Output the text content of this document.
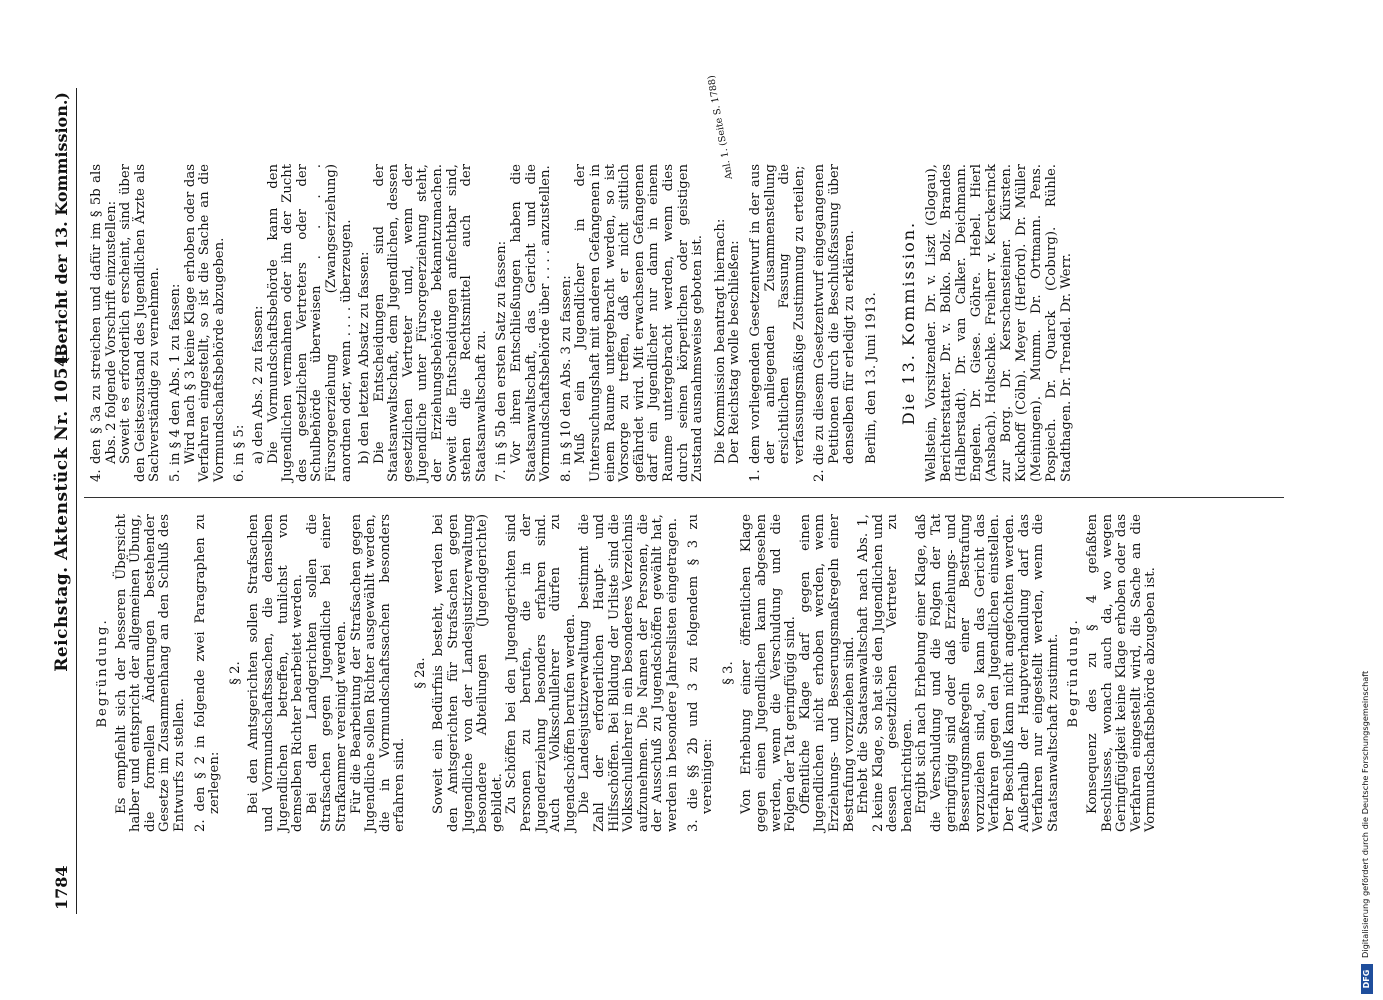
1784
Reichstag. Aktenstück Nr. 1054.
(Bericht der 13. Kommission.)

Begründung. Es empfiehlt sich der besseren Übersicht halber und entspricht der allgemeinen Übung, die formellen Änderungen bestehender Gesetze im Zusammenhang an den Schluß des Entwurfs zu stellen. 2. den § 2 in folgende zwei Paragraphen zu zerlegen:

§ 2. Bei den Amtsgerichten sollen Strafsachen und Vormundschaftssachen, die denselben Jugendlichen betreffen, tunlichst von demselben Richter bearbeitet werden. Bei den Landgerichten sollen die Strafsachen gegen Jugendliche bei einer Strafkammer vereinigt werden. Für die Bearbeitung der Strafsachen gegen Jugendliche sollen Richter ausgewählt werden, die in Vormundschaftssachen besonders erfahren sind.

§ 2a. Soweit ein Bedürfnis besteht, werden bei den Amtsgerichten für Strafsachen gegen Jugendliche von der Landesjustizverwaltung besondere Abteilungen (Jugendgerichte) gebildet. Zu Schöffen bei den Jugendgerichten sind Personen zu berufen, die in der Jugenderziehung besonders erfahren sind. Auch Volksschullehrer dürfen zu Jugendschöffen berufen werden. Die Landesjustizverwaltung bestimmt die Zahl der erforderlichen Haupt- und Hilfsschöffen. Bei Bildung der Urliste sind die Volksschullehrer in ein besonderes Verzeichnis aufzunehmen. Die Namen der Personen, die der Ausschuß zu Jugendschöffen gewählt hat, werden in besondere Jahreslisten eingetragen. 3. die §§ 2b und 3 zu folgendem § 3 zu vereinigen:

§ 3. Von Erhebung einer öffentlichen Klage gegen einen Jugendlichen kann abgesehen werden, wenn die Verschuldung und die Folgen der Tat geringfügig sind. Öffentliche Klage darf gegen einen Jugendlichen nicht erhoben werden, wenn Erziehungs- und Besserungsmaßregeln einer Bestrafung vorzuziehen sind. Erhebt die Staatsanwaltschaft nach Abs. 1, 2 keine Klage, so hat sie den Jugendlichen und dessen gesetzlichen Vertreter zu benachrichtigen. Ergibt sich nach Erhebung einer Klage, daß die Verschuldung und die Folgen der Tat geringfügig sind oder daß Erziehungs- und Besserungsmaßregeln einer Bestrafung vorzuziehen sind, so kann das Gericht das Verfahren gegen den Jugendlichen einstellen. Der Beschluß kann nicht angefochten werden. Außerhalb der Hauptverhandlung darf das Verfahren nur eingestellt werden, wenn die Staatsanwaltschaft zustimmt. Begründung. Konsequenz des zu § 4 gefaßten Beschlusses, wonach auch da, wo wegen Geringfügigkeit keine Klage erhoben oder das Verfahren eingestellt wird, die Sache an die Vormundschaftsbehörde abzugeben ist.

4. den § 3a zu streichen und dafür im § 5b als Abs. 2 folgende Vorschrift einzustellen: Soweit es erforderlich erscheint, sind über den Geisteszustand des Jugendlichen Ärzte als Sachverständige zu vernehmen. 5. in § 4 den Abs. 1 zu fassen: Wird nach § 3 keine Klage erhoben oder das Verfahren eingestellt, so ist die Sache an die Vormundschaftsbehörde abzugeben. 6. in § 5: a) den Abs. 2 zu fassen: Die Vormundschaftsbehörde kann den Jugendlichen vermahnen oder ihn der Zucht des gesetzlichen Vertreters oder der Schulbehörde überweisen . . . . Fürsorgeerziehung (Zwangserziehung) anordnen oder, wenn . . . . überzeugen. b) den letzten Absatz zu fassen: Die Entscheidungen sind der Staatsanwaltschaft, dem Jugendlichen, dessen gesetzlichen Vertreter und, wenn der Jugendliche unter Fürsorgeerziehung steht, der Erziehungsbehörde bekanntzumachen. Soweit die Entscheidungen anfechtbar sind, stehen die Rechtsmittel auch der Staatsanwaltschaft zu. 7. in § 5b den ersten Satz zu fassen: Vor ihren Entschließungen haben die Staatsanwaltschaft, das Gericht und die Vormundschaftsbehörde über . . . . anzustellen. 8. in § 10 den Abs. 3 zu fassen: Muß ein Jugendlicher in der Untersuchungshaft mit anderen Gefangenen in einem Raume untergebracht werden, so ist Vorsorge zu treffen, daß er nicht sittlich gefährdet wird. Mit erwachsenen Gefangenen darf ein Jugendlicher nur dann in einem Raume untergebracht werden, wenn dies durch seinen körperlichen oder geistigen Zustand ausnahmsweise geboten ist. Die Kommission beantragt hiernach: Der Reichstag wolle beschließen: 1. dem vorliegenden Gesetzentwurf in der aus der anliegenden Zusammenstellung ersichtlichen Fassung die verfassungsmäßige Zustimmung zu erteilen; 2. die zu diesem Gesetzentwurf eingegangenen Petitionen durch die Beschlußfassung über denselben für erledigt zu erklären. Berlin, den 13. Juni 1913. Die 13. Kommission. Wellstein, Vorsitzender. Dr. v. Liszt (Glogau), Berichterstatter. Dr. v. Bolko. Bolz. Brandes (Halberstadt). Dr. van Calker. Deichmann. Engelen. Dr. Giese. Göhre. Hebel. Hierl (Ansbach). Holtschke. Freiherr v. Kerckerinck zur Borg. Dr. Kerschensteiner. Kürsten. Kuckhoff (Cöln). Meyer (Herford). Dr. Müller (Meiningen). Mumm. Dr. Ortmann. Pens. Pospiech. Dr. Quarck (Coburg). Rühle. Stadthagen. Dr. Trendel. Dr. Werr.

Anl. 1. (Seite S. 1788)
DFG
Digitalisierung gefördert durch die Deutsche Forschungsgemeinschaft
